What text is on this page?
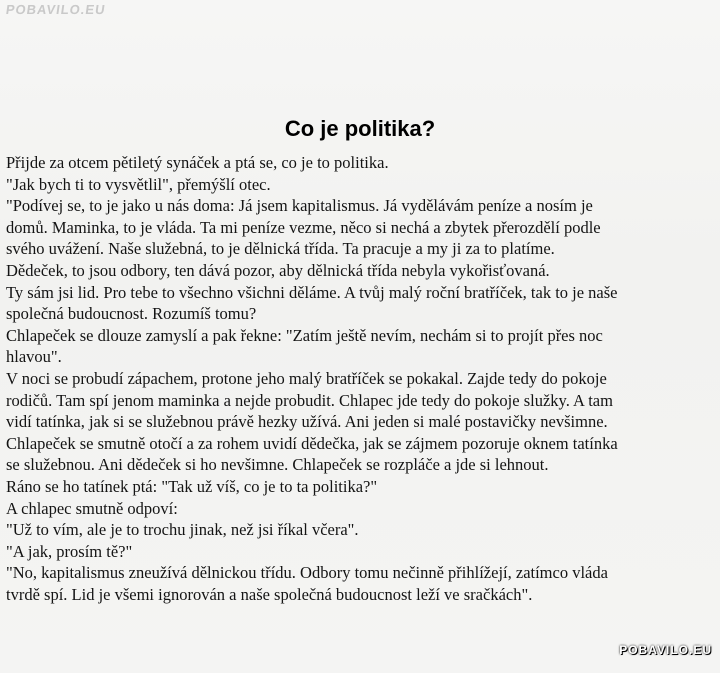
POBAVILO.EU
Co je politika?
Přijde za otcem pětiletý synáček a ptá se, co je to politika.
"Jak bych ti to vysvětlil", přemýšlí otec.
"Podívej se, to je jako u nás doma: Já jsem kapitalismus. Já vydělávám peníze a nosím je
domů. Maminka, to je vláda. Ta mi peníze vezme, něco si nechá a zbytek přerozdělí podle
svého uvážení. Naše služebná, to je dělnická třída. Ta pracuje a my ji za to platíme.
Dědeček, to jsou odbory, ten dává pozor, aby dělnická třída nebyla vykořisťovaná.
Ty sám jsi lid. Pro tebe to všechno všichni děláme. A tvůj malý roční bratříček, tak to je naše
společná budoucnost. Rozumíš tomu?
Chlapeček se dlouze zamyslí a pak řekne: "Zatím ještě nevím, nechám si to projít přes noc
hlavou".
V noci se probudí zápachem, protone jeho malý bratříček se pokakal. Zajde tedy do pokoje
rodičů. Tam spí jenom maminka a nejde probudit. Chlapec jde tedy do pokoje služky. A tam
vidí tatínka, jak si se služebnou právě hezky užívá. Ani jeden si malé postavičky nevšimne.
Chlapeček se smutně otočí a za rohem uvidí dědečka, jak se zájmem pozoruje oknem tatínka
se služebnou. Ani dědeček si ho nevšimne. Chlapeček se rozpláče a jde si lehnout.
Ráno se ho tatínek ptá: "Tak už víš, co je to ta politika?"
A chlapec smutně odpoví:
"Už to vím, ale je to trochu jinak, než jsi říkal včera".
"A jak, prosím tě?"
"No, kapitalismus zneužívá dělnickou třídu. Odbory tomu nečinně přihlížejí, zatímco vláda
tvrdě spí. Lid je všemi ignorován a naše společná budoucnost leží ve sračkách".
POBAVILO.EU
